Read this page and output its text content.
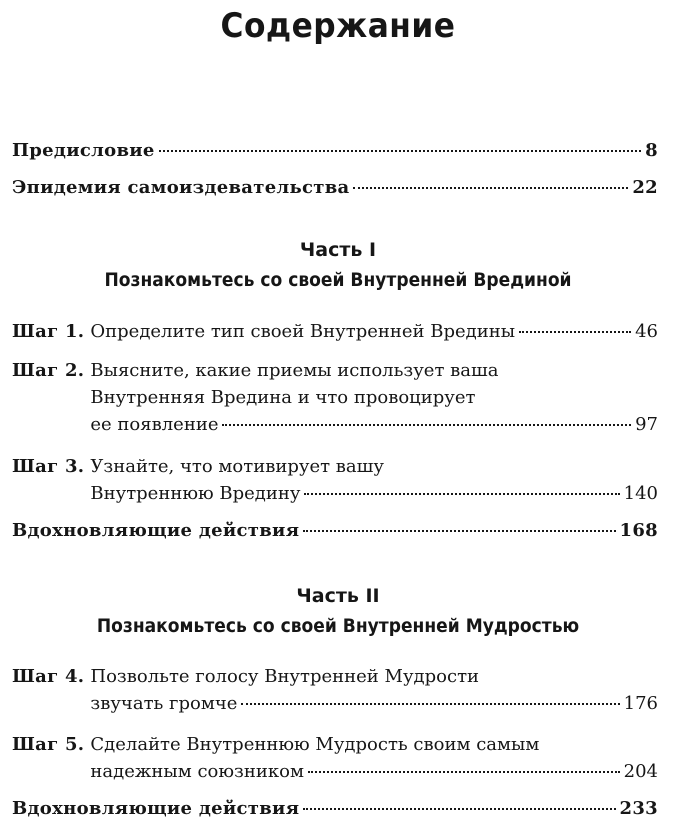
Содержание
Предисловие	8
Эпидемия самоиздевательства	22
Часть I
Познакомьтесь со своей Внутренней Врединой
Шаг 1. Определите тип своей Внутренней Вредины	46
Шаг 2. Выясните, какие приемы использует ваша
Внутренняя Вредина и что провоцирует
ее появление	97
Шаг 3. Узнайте, что мотивирует вашу
Внутреннюю Вредину	140
Вдохновляющие действия	168
Часть II
Познакомьтесь со своей Внутренней Мудростью
Шаг 4. Позвольте голосу Внутренней Мудрости
звучать громче	176
Шаг 5. Сделайте Внутреннюю Мудрость своим самым
надежным союзником	204
Вдохновляющие действия	233
